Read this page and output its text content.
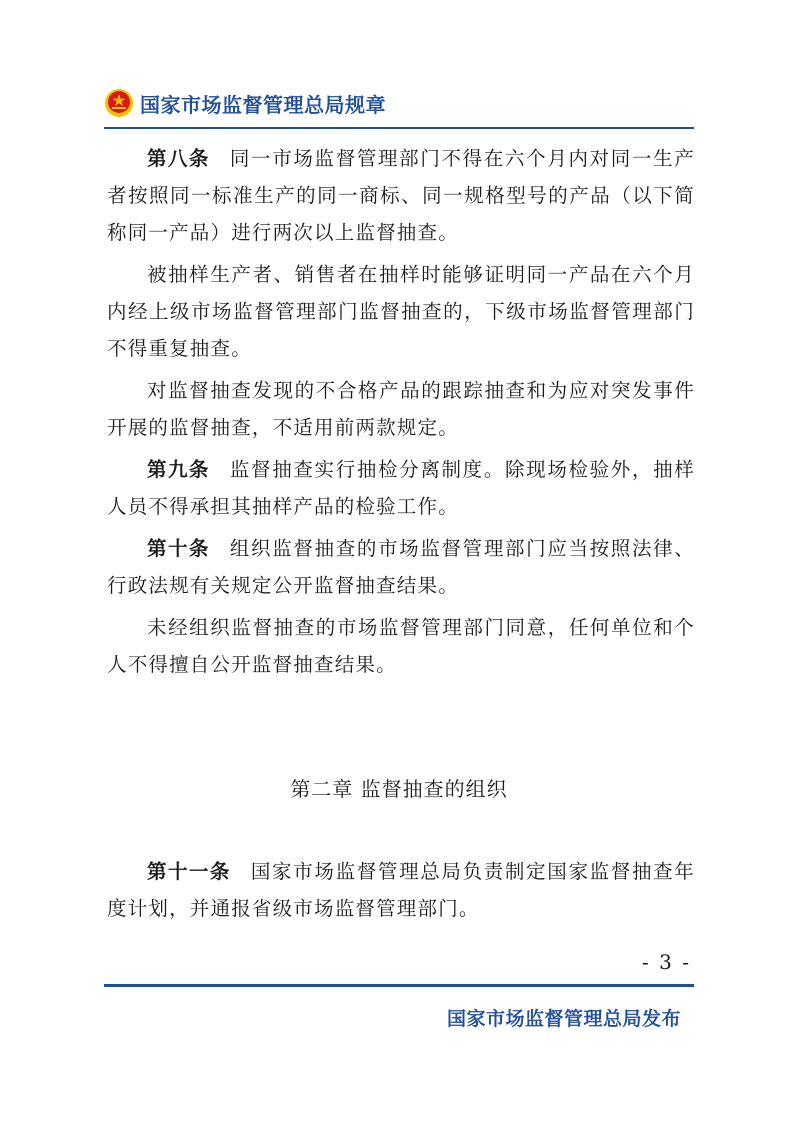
国家市场监督管理总局规章

第八条 同一市场监督管理部门不得在六个月内对同一生产者按照同一标准生产的同一商标、同一规格型号的产品（以下简称同一产品）进行两次以上监督抽查。

被抽样生产者、销售者在抽样时能够证明同一产品在六个月内经上级市场监督管理部门监督抽查的，下级市场监督管理部门不得重复抽查。

对监督抽查发现的不合格产品的跟踪抽查和为应对突发事件开展的监督抽查，不适用前两款规定。

第九条 监督抽查实行抽检分离制度。除现场检验外，抽样人员不得承担其抽样产品的检验工作。

第十条 组织监督抽查的市场监督管理部门应当按照法律、行政法规有关规定公开监督抽查结果。

未经组织监督抽查的市场监督管理部门同意，任何单位和个人不得擅自公开监督抽查结果。

第二章 监督抽查的组织

第十一条 国家市场监督管理总局负责制定国家监督抽查年度计划，并通报省级市场监督管理部门。

- 3 -
国家市场监督管理总局发布
